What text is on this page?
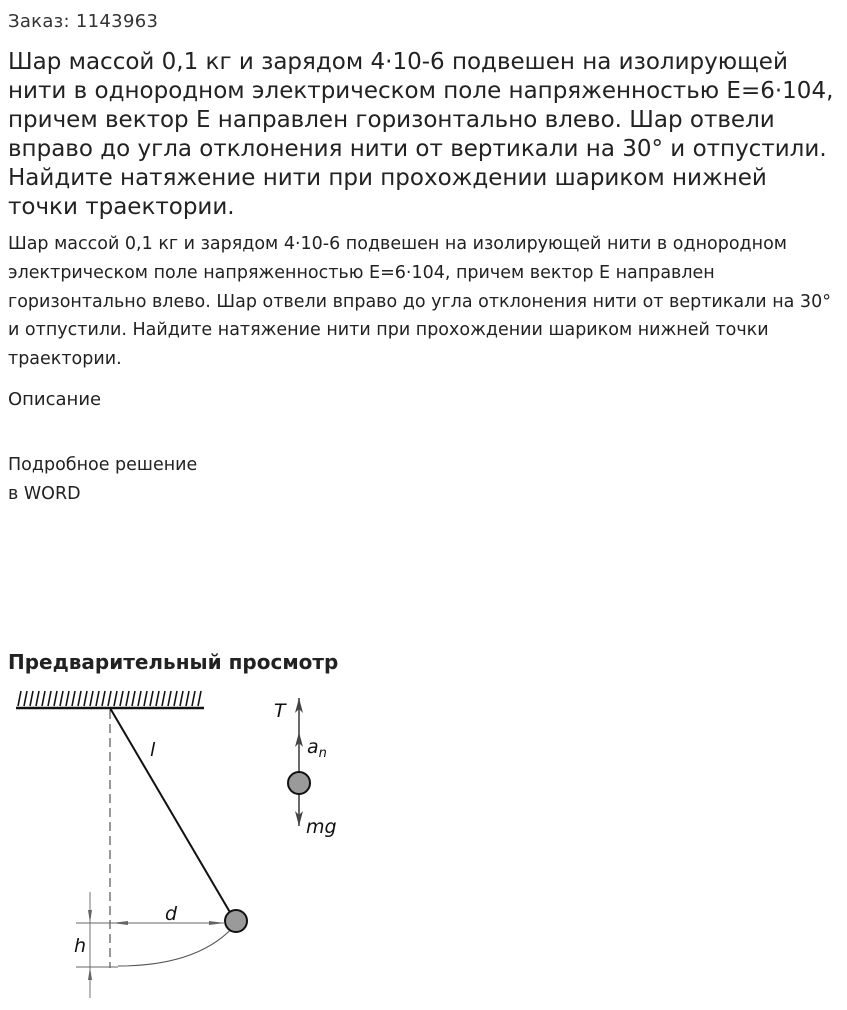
Заказ: 1143963
Шар массой 0,1 кг и зарядом 4·10-6 подвешен на изолирующей нити в однородном электрическом поле напряженностью Е=6·104, причем вектор Е направлен горизонтально влево. Шар отвели вправо до угла отклонения нити от вертикали на 30° и отпустили. Найдите натяжение нити при прохождении шариком нижней точки траектории.

Шар массой 0,1 кг и зарядом 4·10-6 подвешен на изолирующей нити в однородном электрическом поле напряженностью Е=6·104, причем вектор Е направлен горизонтально влево. Шар отвели вправо до угла отклонения нити от вертикали на 30° и отпустили. Найдите натяжение нити при прохождении шариком нижней точки траектории.

Описание
Подробное решение
в WORD
Предварительный просмотр
l
d
h
T
$a_n$
mg
